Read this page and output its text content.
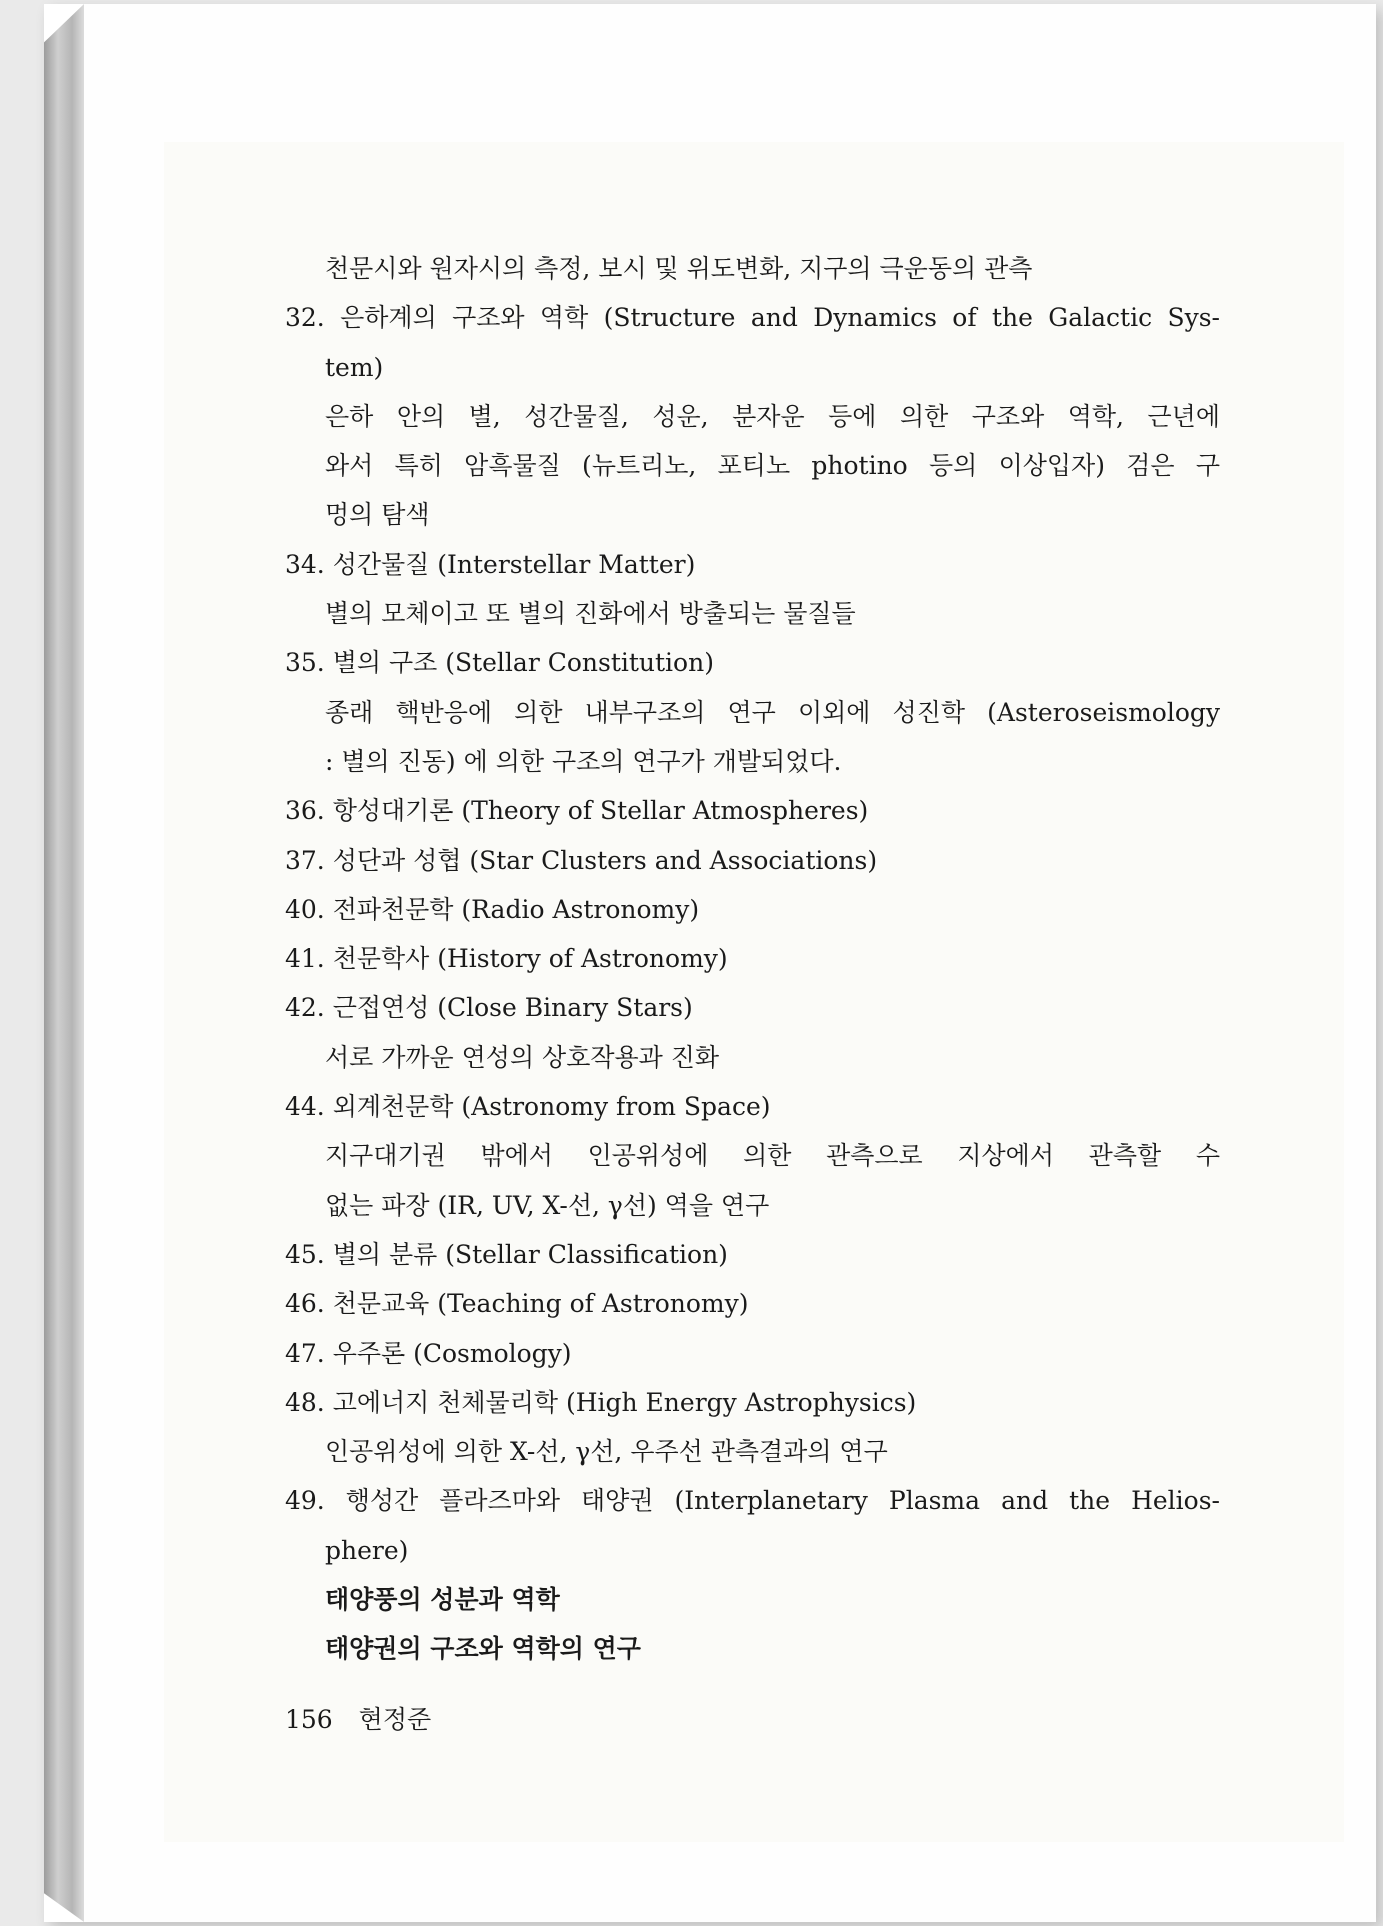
천문시와 원자시의 측정, 보시 및 위도변화, 지구의 극운동의 관측
32. 은하계의 구조와 역학 (Structure and Dynamics of the Galactic Sys-
tem)
은하 안의 별, 성간물질, 성운, 분자운 등에 의한 구조와 역학, 근년에
와서 특히 암흑물질 (뉴트리노, 포티노 photino 등의 이상입자) 검은 구
멍의 탐색
34. 성간물질 (Interstellar Matter)
별의 모체이고 또 별의 진화에서 방출되는 물질들
35. 별의 구조 (Stellar Constitution)
종래 핵반응에 의한 내부구조의 연구 이외에 성진학 (Asteroseismology
: 별의 진동) 에 의한 구조의 연구가 개발되었다.
36. 항성대기론 (Theory of Stellar Atmospheres)
37. 성단과 성협 (Star Clusters and Associations)
40. 전파천문학 (Radio Astronomy)
41. 천문학사 (History of Astronomy)
42. 근접연성 (Close Binary Stars)
서로 가까운 연성의 상호작용과 진화
44. 외계천문학 (Astronomy from Space)
지구대기권 밖에서 인공위성에 의한 관측으로 지상에서 관측할 수
없는 파장 (IR, UV, X-선, γ선) 역을 연구
45. 별의 분류 (Stellar Classification)
46. 천문교육 (Teaching of Astronomy)
47. 우주론 (Cosmology)
48. 고에너지 천체물리학 (High Energy Astrophysics)
인공위성에 의한 X-선, γ선, 우주선 관측결과의 연구
49. 행성간 플라즈마와 태양권 (Interplanetary Plasma and the Helios-
phere)
태양풍의 성분과 역학
태양권의 구조와 역학의 연구
156 현정준
